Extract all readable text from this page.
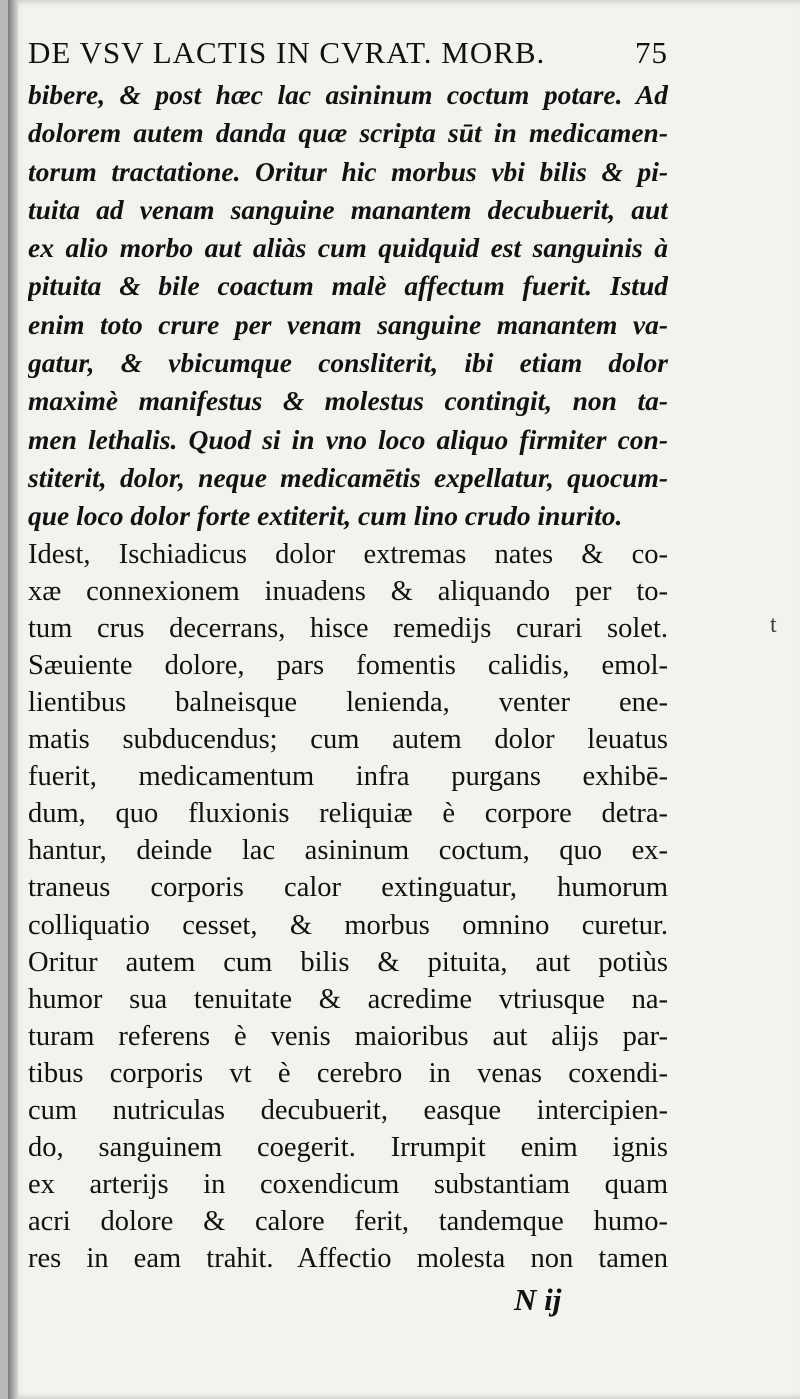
DE VSV LACTIS IN CVRAT. MORB.	75
bibere, & post hæc lac asininum coctum potare. Ad
dolorem autem danda quæ scripta sūt in medicamen-
torum tractatione. Oritur hic morbus vbi bilis & pi-
tuita ad venam sanguine manantem decubuerit, aut
ex alio morbo aut aliàs cum quidquid est sanguinis à
pituita & bile coactum malè affectum fuerit. Istud
enim toto crure per venam sanguine manantem va-
gatur, & vbicumque consliterit, ibi etiam dolor
maximè manifestus & molestus contingit, non ta-
men lethalis. Quod si in vno loco aliquo firmiter con-
stiterit, dolor, neque medicamētis expellatur, quocum-
que loco dolor forte extiterit, cum lino crudo inurito.
Idest, Ischiadicus dolor extremas nates & co-
xæ connexionem inuadens & aliquando per to-
tum crus decerrans, hisce remedijs curari solet.
Sæuiente dolore, pars fomentis calidis, emol-
lientibus balneisque lenienda, venter ene-
matis subducendus; cum autem dolor leuatus
fuerit, medicamentum infra purgans exhibē-
dum, quo fluxionis reliquiæ è corpore detra-
hantur, deinde lac asininum coctum, quo ex-
traneus corporis calor extinguatur, humorum
colliquatio cesset, & morbus omnino curetur.
Oritur autem cum bilis & pituita, aut potiùs
humor sua tenuitate & acredime vtriusque na-
turam referens è venis maioribus aut alijs par-
tibus corporis vt è cerebro in venas coxendi-
cum nutriculas decubuerit, easque intercipien-
do, sanguinem coegerit. Irrumpit enim ignis
ex arterijs in coxendicum substantiam quam
acri dolore & calore ferit, tandemque humo-
res in eam trahit. Affectio molesta non tamen
N ij
t
